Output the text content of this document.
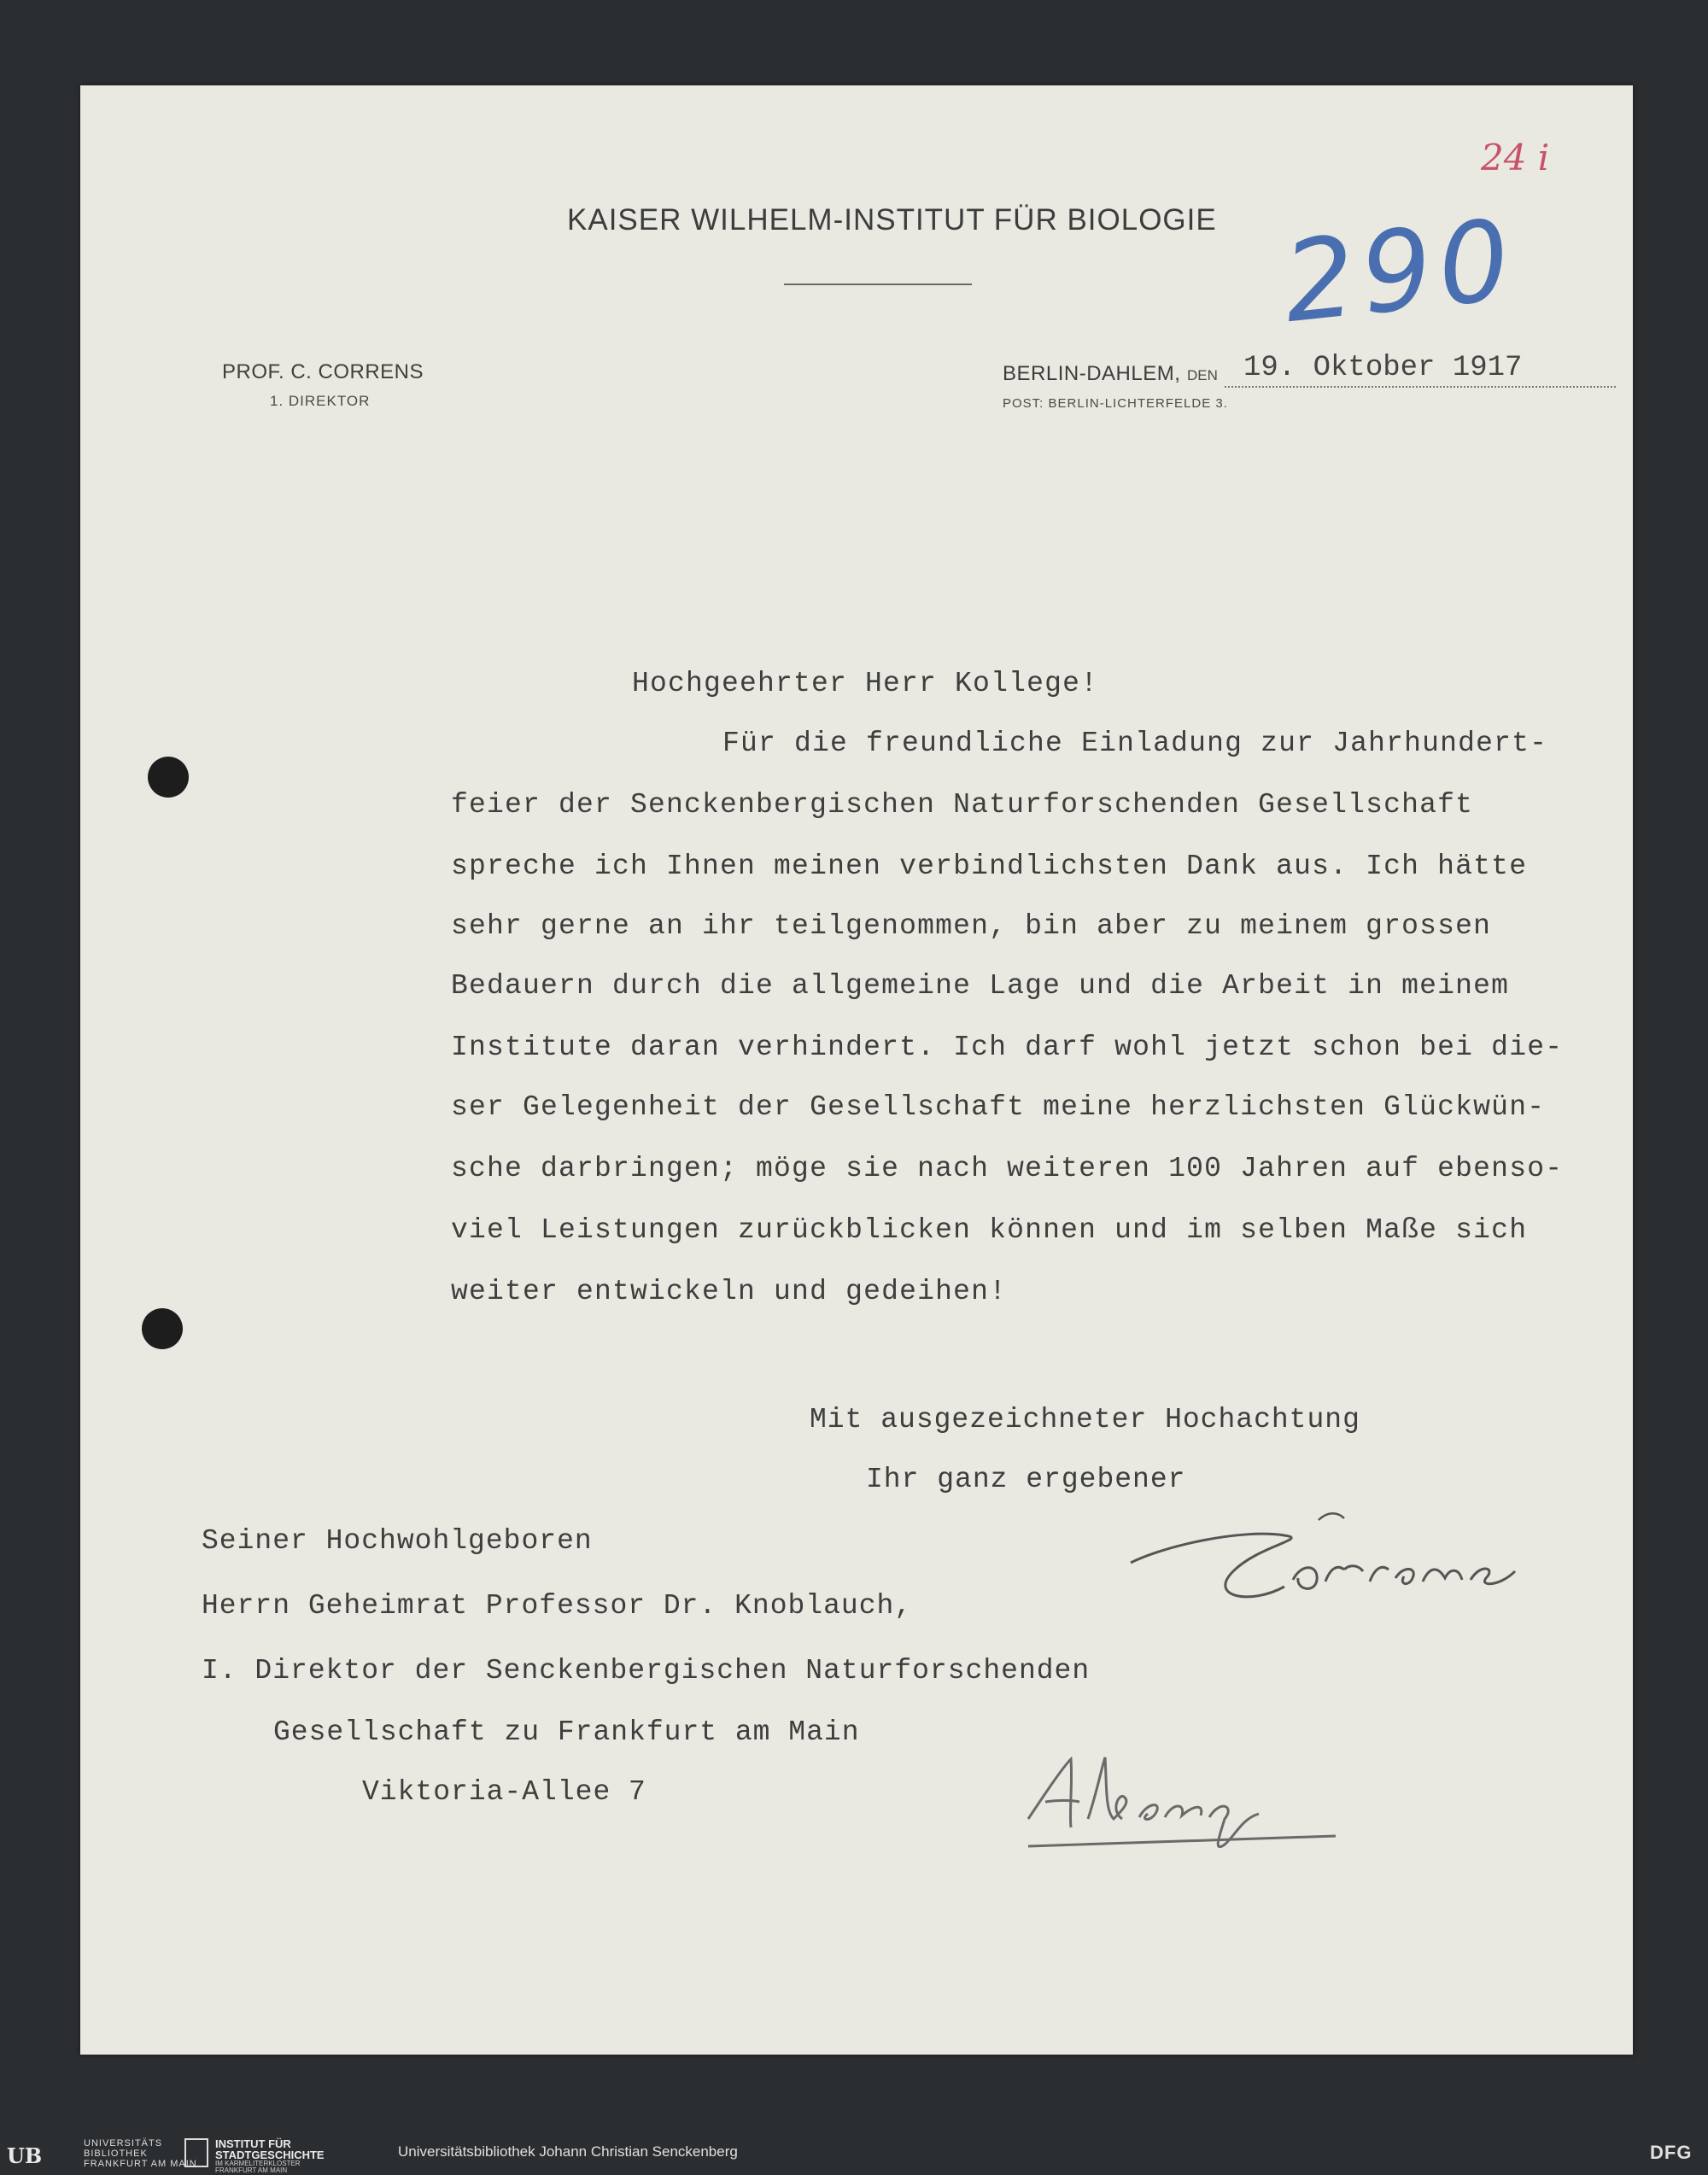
KAISER WILHELM-INSTITUT FÜR BIOLOGIE
PROF. C. CORRENS
1. DIREKTOR
BERLIN-DAHLEM, DEN 19. Oktober 1917
POST: BERLIN-LICHTERFELDE 3.
290
24 i
Hochgeehrter Herr Kollege!
Für die freundliche Einladung zur Jahrhundert-
feier der Senckenbergischen Naturforschenden Gesellschaft
spreche ich Ihnen meinen verbindlichsten Dank aus. Ich hätte
sehr gerne an ihr teilgenommen, bin aber zu meinem grossen
Bedauern durch die allgemeine Lage und die Arbeit in meinem
Institute daran verhindert. Ich darf wohl jetzt schon bei die-
ser Gelegenheit der Gesellschaft meine herzlichsten Glückwün-
sche darbringen; möge sie nach weiteren 100 Jahren auf ebenso-
viel Leistungen zurückblicken können und im selben Maße sich
weiter entwickeln und gedeihen!
Mit ausgezeichneter Hochachtung
Ihr ganz ergebener
Seiner Hochwohlgeboren
Herrn Geheimrat Professor Dr. Knoblauch,
I. Direktor der Senckenbergischen Naturforschenden
Gesellschaft zu Frankfurt am Main
Viktoria-Allee 7
UB	UNIVERSITÄTS
BIBLIOTHEK
FRANKFURT AM MAIN
INSTITUT FÜR
STADTGESCHICHTE
IM KARMELITERKLOSTER
FRANKFURT AM MAIN
Universitätsbibliothek Johann Christian Senckenberg	DFG
